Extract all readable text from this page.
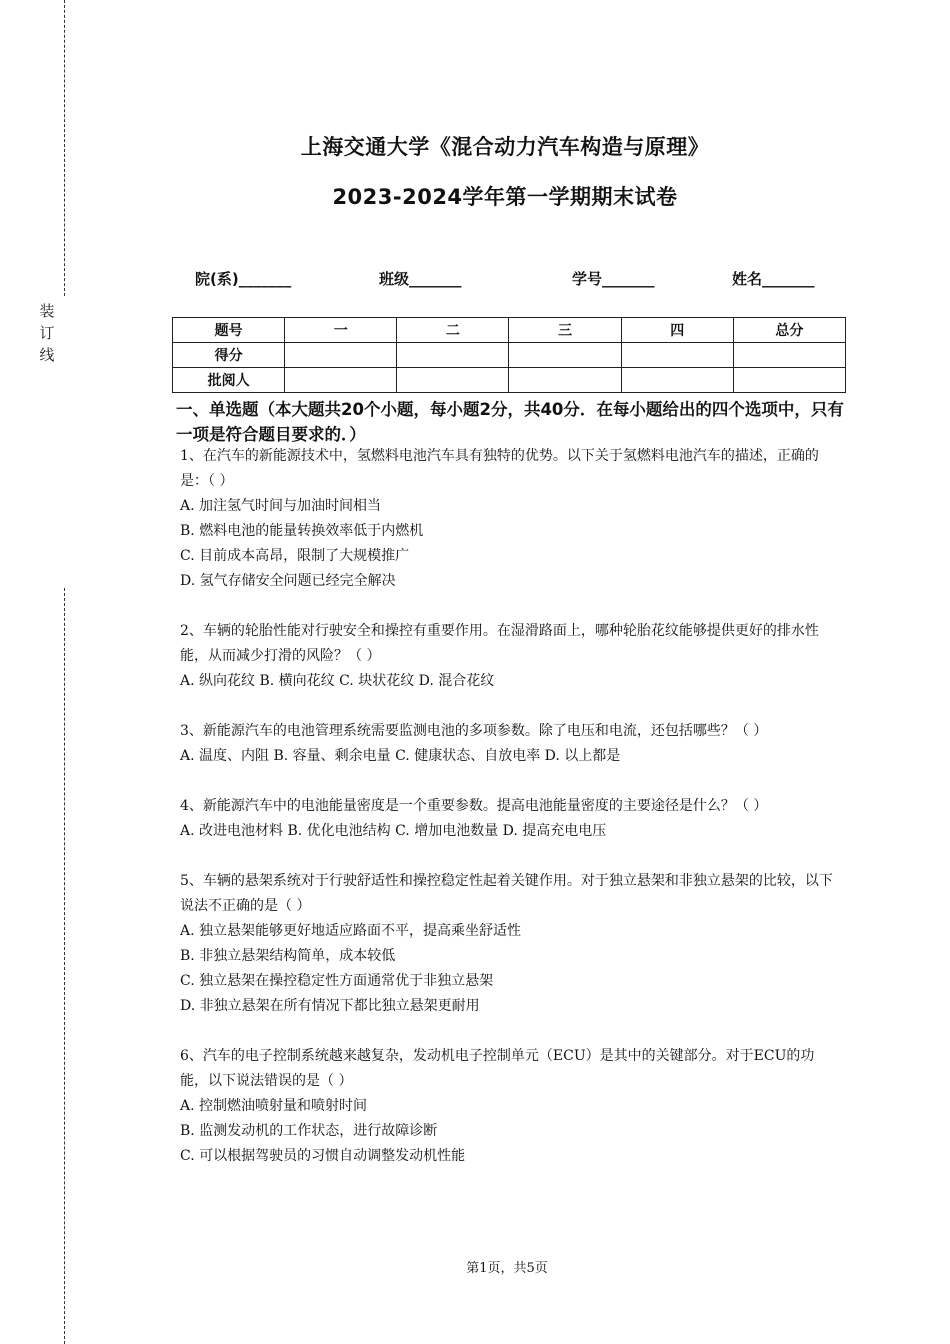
装
订
线
上海交通大学《混合动力汽车构造与原理》
2023-2024学年第一学期期末试卷
院(系)_______	班级_______	学号_______	姓名_______
题号	一	二	三	四	总分
得分					
批阅人					
一、单选题（本大题共20个小题，每小题2分，共40分．在每小题给出的四个选项中，只有一项是符合题目要求的．）

1、在汽车的新能源技术中，氢燃料电池汽车具有独特的优势。以下关于氢燃料电池汽车的描述，正确的是：（ ）

A. 加注氢气时间与加油时间相当

B. 燃料电池的能量转换效率低于内燃机

C. 目前成本高昂，限制了大规模推广

D. 氢气存储安全问题已经完全解决

2、车辆的轮胎性能对行驶安全和操控有重要作用。在湿滑路面上，哪种轮胎花纹能够提供更好的排水性能，从而减少打滑的风险？（ ）

A. 纵向花纹 B. 横向花纹 C. 块状花纹 D. 混合花纹

3、新能源汽车的电池管理系统需要监测电池的多项参数。除了电压和电流，还包括哪些？（ ）

A. 温度、内阻 B. 容量、剩余电量 C. 健康状态、自放电率 D. 以上都是

4、新能源汽车中的电池能量密度是一个重要参数。提高电池能量密度的主要途径是什么？（ ）

A. 改进电池材料 B. 优化电池结构 C. 增加电池数量 D. 提高充电电压

5、车辆的悬架系统对于行驶舒适性和操控稳定性起着关键作用。对于独立悬架和非独立悬架的比较，以下说法不正确的是（ ）

A. 独立悬架能够更好地适应路面不平，提高乘坐舒适性

B. 非独立悬架结构简单，成本较低

C. 独立悬架在操控稳定性方面通常优于非独立悬架

D. 非独立悬架在所有情况下都比独立悬架更耐用

6、汽车的电子控制系统越来越复杂，发动机电子控制单元（ECU）是其中的关键部分。对于ECU的功能，以下说法错误的是（ ）

A. 控制燃油喷射量和喷射时间

B. 监测发动机的工作状态，进行故障诊断

C. 可以根据驾驶员的习惯自动调整发动机性能

第1页，共5页
